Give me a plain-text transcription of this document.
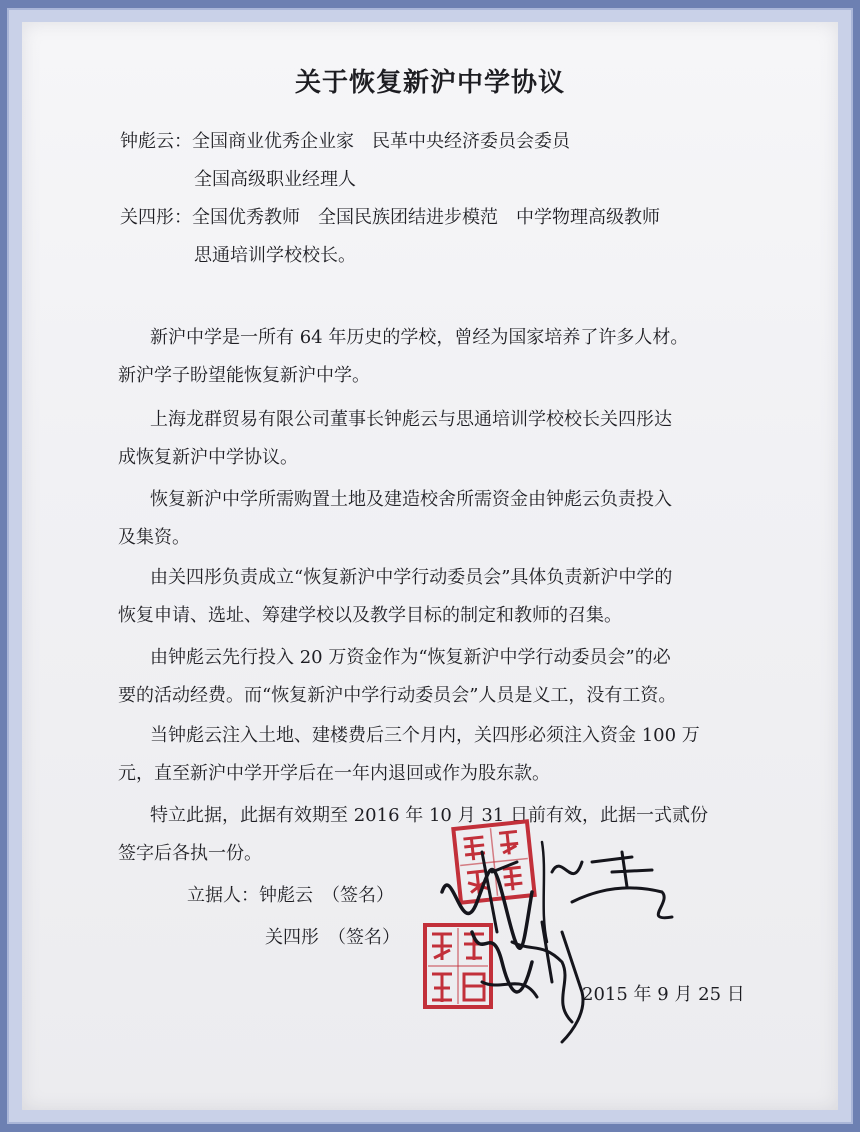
关于恢复新沪中学协议
钟彪云：全国商业优秀企业家　民革中央经济委员会委员
全国高级职业经理人
关四彤：全国优秀教师　全国民族团结进步模范　中学物理高级教师
思通培训学校校长。
新沪中学是一所有 64 年历史的学校，曾经为国家培养了许多人材。
新沪学子盼望能恢复新沪中学。
上海龙群贸易有限公司董事长钟彪云与思通培训学校校长关四彤达
成恢复新沪中学协议。
恢复新沪中学所需购置土地及建造校舍所需资金由钟彪云负责投入
及集资。
由关四彤负责成立“恢复新沪中学行动委员会”具体负责新沪中学的
恢复申请、选址、筹建学校以及教学目标的制定和教师的召集。
由钟彪云先行投入 20 万资金作为“恢复新沪中学行动委员会”的必
要的活动经费。而“恢复新沪中学行动委员会”人员是义工，没有工资。
当钟彪云注入土地、建楼费后三个月内，关四彤必须注入资金 100 万
元，直至新沪中学开学后在一年内退回或作为股东款。
特立此据，此据有效期至 2016 年 10 月 31 日前有效，此据一式贰份
签字后各执一份。
立据人：钟彪云　（签名）
关四彤　（签名）
2015 年 9 月 25 日
